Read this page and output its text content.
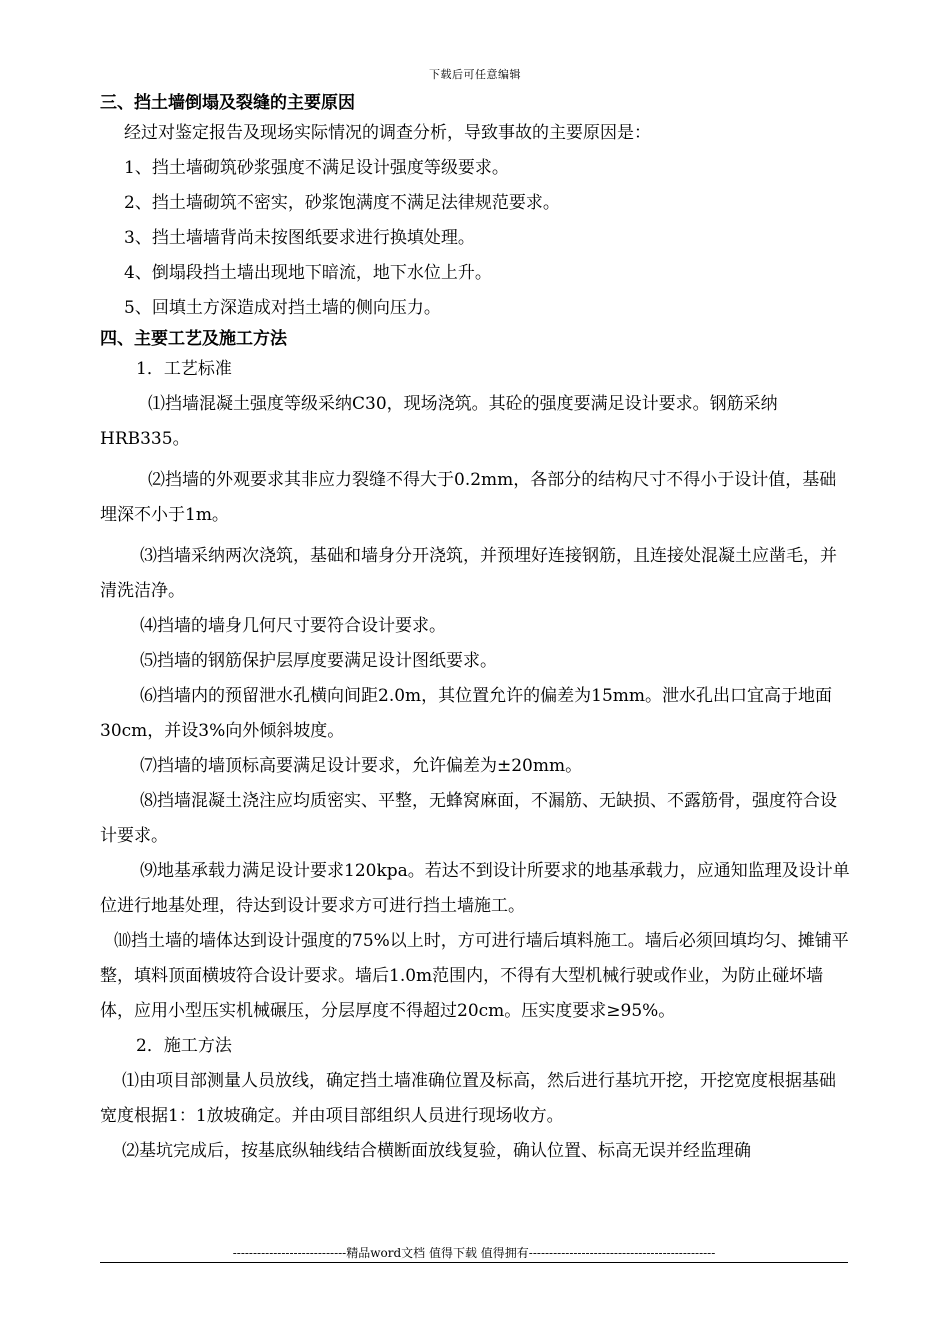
下载后可任意编辑
三、挡土墙倒塌及裂缝的主要原因

经过对鉴定报告及现场实际情况的调查分析，导致事故的主要原因是：

1、挡土墙砌筑砂浆强度不满足设计强度等级要求。

2、挡土墙砌筑不密实，砂浆饱满度不满足法律规范要求。

3、挡土墙墙背尚未按图纸要求进行换填处理。

4、倒塌段挡土墙出现地下暗流，地下水位上升。

5、回填土方深造成对挡土墙的侧向压力。

四、主要工艺及施工方法

1．工艺标准

⑴挡墙混凝土强度等级采纳C30，现场浇筑。其砼的强度要满足设计要求。钢筋采纳HRB335。

⑵挡墙的外观要求其非应力裂缝不得大于0.2mm，各部分的结构尺寸不得小于设计值，基础埋深不小于1m。

⑶挡墙采纳两次浇筑，基础和墙身分开浇筑，并预埋好连接钢筋，且连接处混凝土应凿毛，并清洗洁净。

⑷挡墙的墙身几何尺寸要符合设计要求。

⑸挡墙的钢筋保护层厚度要满足设计图纸要求。

⑹挡墙内的预留泄水孔横向间距2.0m，其位置允许的偏差为15mm。泄水孔出口宜高于地面30cm，并设3%向外倾斜坡度。

⑺挡墙的墙顶标高要满足设计要求，允许偏差为±20mm。

⑻挡墙混凝土浇注应均质密实、平整，无蜂窝麻面，不漏筋、无缺损、不露筋骨，强度符合设计要求。

⑼地基承载力满足设计要求120kpa。若达不到设计所要求的地基承载力，应通知监理及设计单位进行地基处理，待达到设计要求方可进行挡土墙施工。

⑽挡土墙的墙体达到设计强度的75%以上时，方可进行墙后填料施工。墙后必须回填均匀、摊铺平整，填料顶面横坡符合设计要求。墙后1.0m范围内，不得有大型机械行驶或作业，为防止碰坏墙体，应用小型压实机械碾压，分层厚度不得超过20cm。压实度要求≥95%。

2．施工方法

⑴由项目部测量人员放线，确定挡土墙准确位置及标高，然后进行基坑开挖，开挖宽度根据基础宽度根据1：1放坡确定。并由项目部组织人员进行现场收方。

⑵基坑完成后，按基底纵轴线结合横断面放线复验，确认位置、标高无误并经监理确

----------------------------精品word文档 值得下载 值得拥有----------------------------------------------
